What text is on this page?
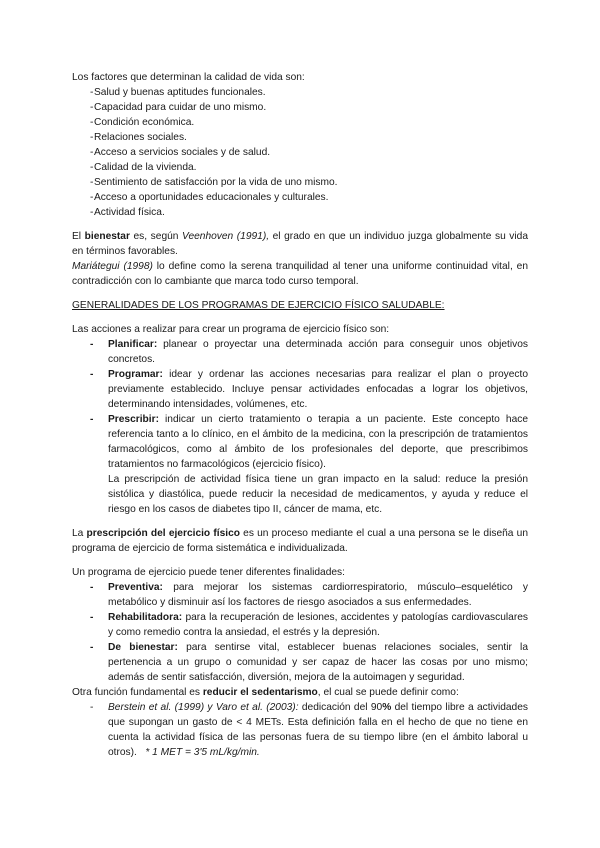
Los factores que determinan la calidad de vida son:

- Salud y buenas aptitudes funcionales.
- Capacidad para cuidar de uno mismo.
- Condición económica.
- Relaciones sociales.
- Acceso a servicios sociales y de salud.
- Calidad de la vivienda.
- Sentimiento de satisfacción por la vida de uno mismo.
- Acceso a oportunidades educacionales y culturales.
- Actividad física.

El bienestar es, según Veenhoven (1991), el grado en que un individuo juzga globalmente su vida en términos favorables.

Mariátegui (1998) lo define como la serena tranquilidad al tener una uniforme continuidad vital, en contradicción con lo cambiante que marca todo curso temporal.

GENERALIDADES DE LOS PROGRAMAS DE EJERCICIO FÍSICO SALUDABLE:

Las acciones a realizar para crear un programa de ejercicio físico son:

- Planificar: planear o proyectar una determinada acción para conseguir unos objetivos concretos.
- Programar: idear y ordenar las acciones necesarias para realizar el plan o proyecto previamente establecido. Incluye pensar actividades enfocadas a lograr los objetivos, determinando intensidades, volúmenes, etc.
- Prescribir: indicar un cierto tratamiento o terapia a un paciente. Este concepto hace referencia tanto a lo clínico, en el ámbito de la medicina, con la prescripción de tratamientos farmacológicos, como al ámbito de los profesionales del deporte, que prescribimos tratamientos no farmacológicos (ejercicio físico).

La prescripción de actividad física tiene un gran impacto en la salud: reduce la presión sistólica y diastólica, puede reducir la necesidad de medicamentos, y ayuda y reduce el riesgo en los casos de diabetes tipo II, cáncer de mama, etc.

La prescripción del ejercicio físico es un proceso mediante el cual a una persona se le diseña un programa de ejercicio de forma sistemática e individualizada.

Un programa de ejercicio puede tener diferentes finalidades:

- Preventiva: para mejorar los sistemas cardiorrespiratorio, músculo–esquelético y metabólico y disminuir así los factores de riesgo asociados a sus enfermedades.
- Rehabilitadora: para la recuperación de lesiones, accidentes y patologías cardiovasculares y como remedio contra la ansiedad, el estrés y la depresión.
- De bienestar: para sentirse vital, establecer buenas relaciones sociales, sentir la pertenencia a un grupo o comunidad y ser capaz de hacer las cosas por uno mismo; además de sentir satisfacción, diversión, mejora de la autoimagen y seguridad.

Otra función fundamental es reducir el sedentarismo, el cual se puede definir como:

- Berstein et al. (1999) y Varo et al. (2003): dedicación del 90% del tiempo libre a actividades que supongan un gasto de < 4 METs. Esta definición falla en el hecho de que no tiene en cuenta la actividad física de las personas fuera de su tiempo libre (en el ámbito laboral u otros). * 1 MET = 3'5 mL/kg/min.
